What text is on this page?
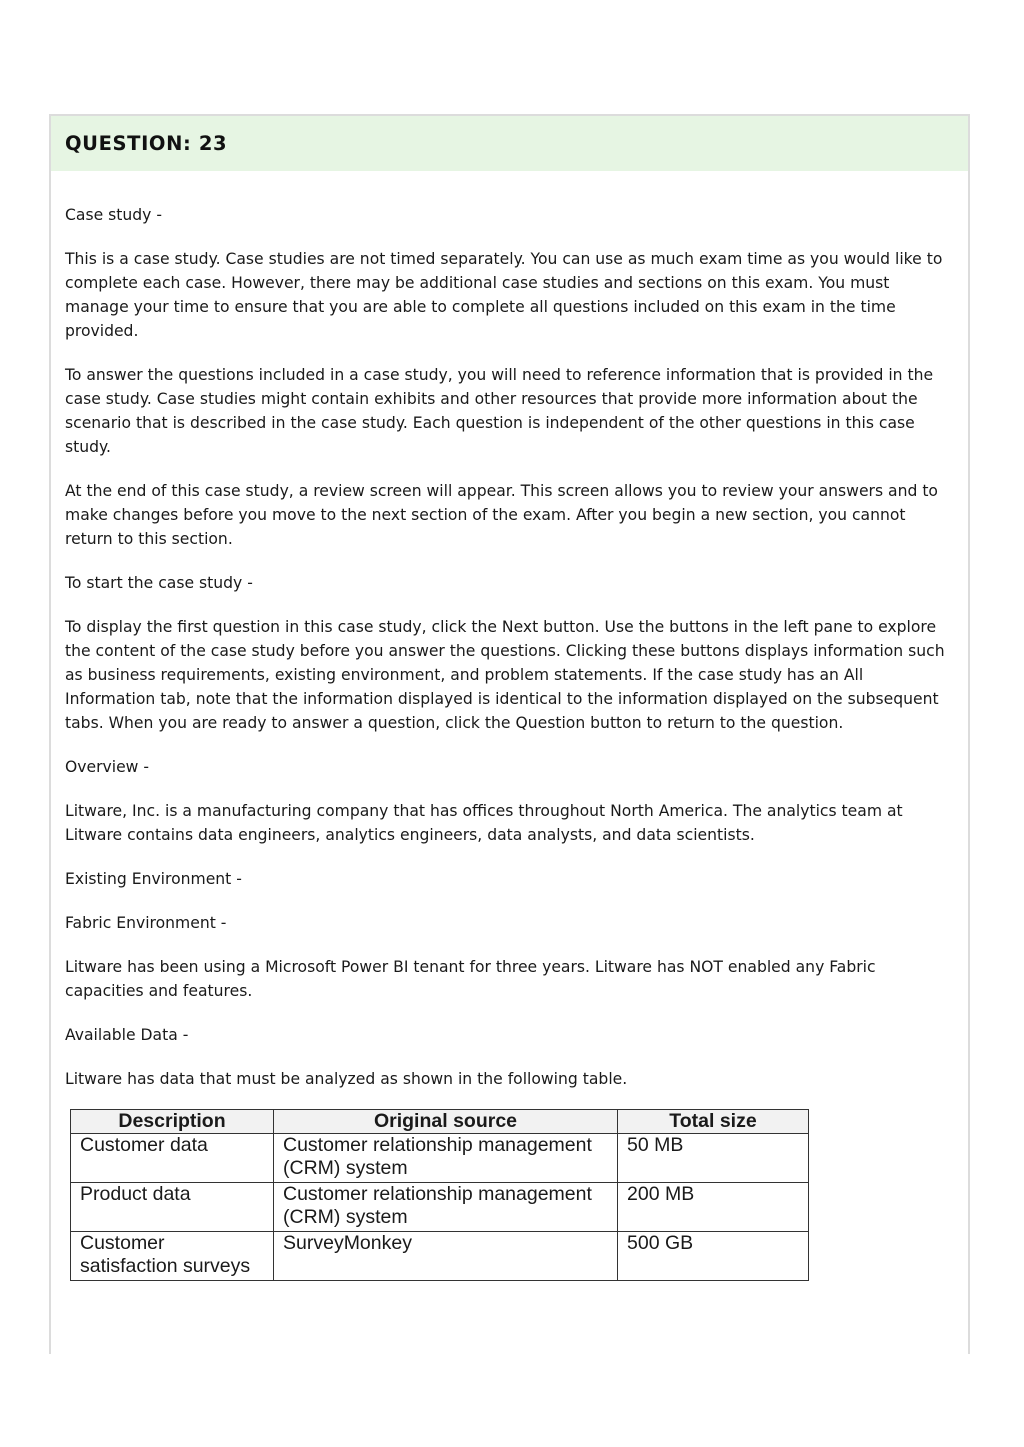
QUESTION: 23

Case study -

This is a case study. Case studies are not timed separately. You can use as much exam time as you would like to complete each case. However, there may be additional case studies and sections on this exam. You must manage your time to ensure that you are able to complete all questions included on this exam in the time provided.

To answer the questions included in a case study, you will need to reference information that is provided in the case study. Case studies might contain exhibits and other resources that provide more information about the scenario that is described in the case study. Each question is independent of the other questions in this case study.

At the end of this case study, a review screen will appear. This screen allows you to review your answers and to make changes before you move to the next section of the exam. After you begin a new section, you cannot return to this section.

To start the case study -

To display the first question in this case study, click the Next button. Use the buttons in the left pane to explore the content of the case study before you answer the questions. Clicking these buttons displays information such as business requirements, existing environment, and problem statements. If the case study has an All Information tab, note that the information displayed is identical to the information displayed on the subsequent tabs. When you are ready to answer a question, click the Question button to return to the question.

Overview -

Litware, Inc. is a manufacturing company that has offices throughout North America. The analytics team at Litware contains data engineers, analytics engineers, data analysts, and data scientists.

Existing Environment -

Fabric Environment -

Litware has been using a Microsoft Power BI tenant for three years. Litware has NOT enabled any Fabric capacities and features.

Available Data -

Litware has data that must be analyzed as shown in the following table.

Description	Original source	Total size
Customer data	Customer relationship management (CRM) system	50 MB
Product data	Customer relationship management (CRM) system	200 MB
Customer satisfaction surveys	SurveyMonkey	500 GB
